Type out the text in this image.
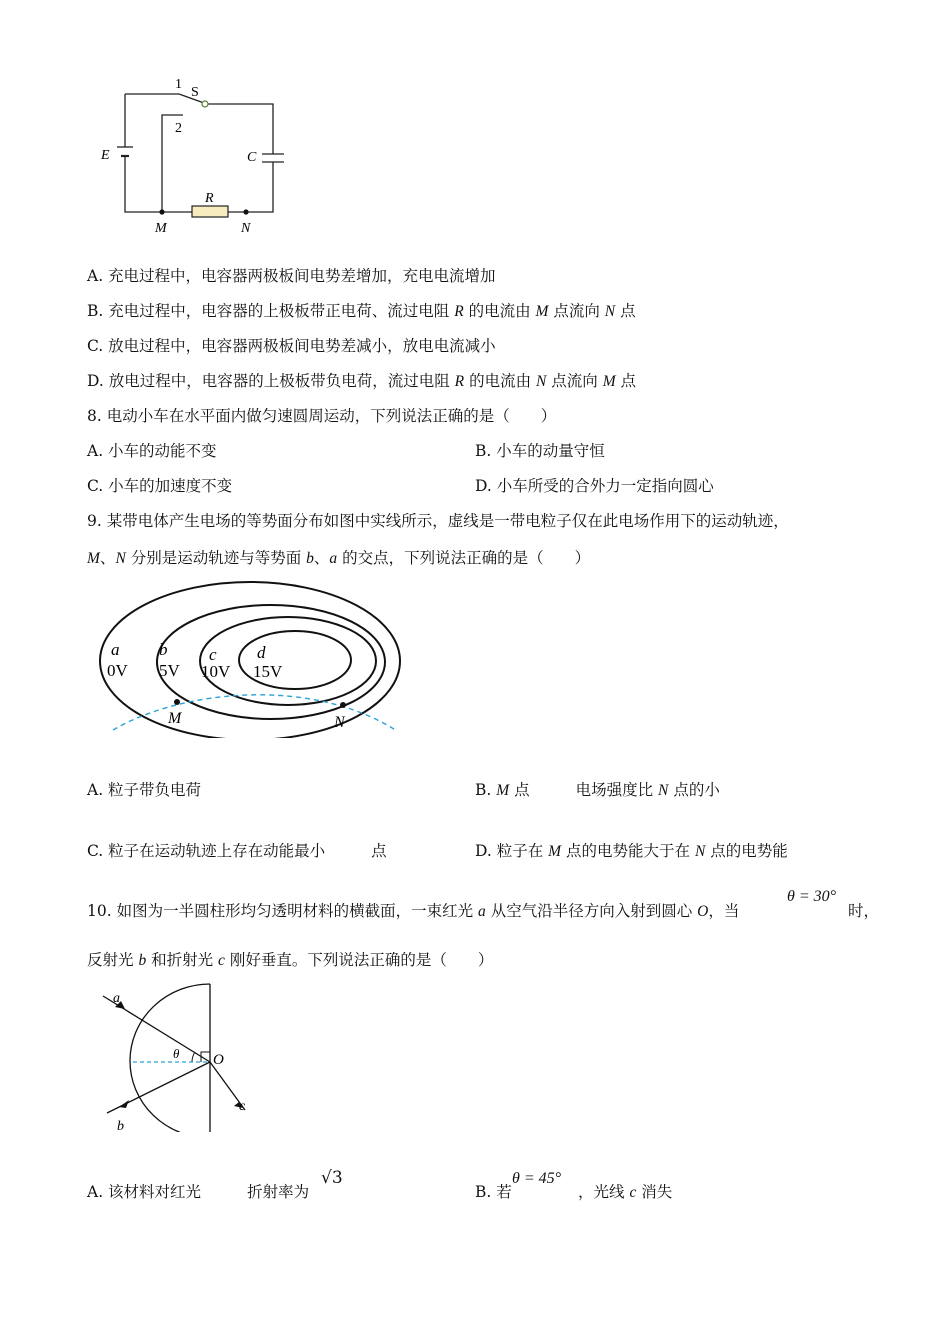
1
2
S
E	C
R
M	N
A. 充电过程中，电容器两极板间电势差增加，充电电流增加
B. 充电过程中，电容器的上极板带正电荷、流过电阻 R 的电流由 M 点流向 N 点
C. 放电过程中，电容器两极板间电势差减小，放电电流减小
D. 放电过程中，电容器的上极板带负电荷，流过电阻 R 的电流由 N 点流向 M 点
8. 电动小车在水平面内做匀速圆周运动，下列说法正确的是（　　）
A. 小车的动能不变	B. 小车的动量守恒
C. 小车的加速度不变	D. 小车所受的合外力一定指向圆心
9. 某带电体产生电场的等势面分布如图中实线所示，虚线是一带电粒子仅在此电场作用下的运动轨迹，
M、N 分别是运动轨迹与等势面 b、a 的交点，下列说法正确的是（　　）
a
0V
b
5V
c
10V
d
15V
M	N
A. 粒子带负电荷	B. M 点	电场强度比 N 点的小
C. 粒子在运动轨迹上存在动能最小	点	D. 粒子在 M 点的电势能大于在 N 点的电势能
10. 如图为一半圆柱形均匀透明材料的横截面，一束红光 a 从空气沿半径方向入射到圆心 O，当
θ = 30°
时，
反射光 b 和折射光 c 刚好垂直。下列说法正确的是（　　）
a
b
c
O
θ
A. 该材料对红光	折射率为
√3
B. 若
θ = 45°
，光线 c 消失
